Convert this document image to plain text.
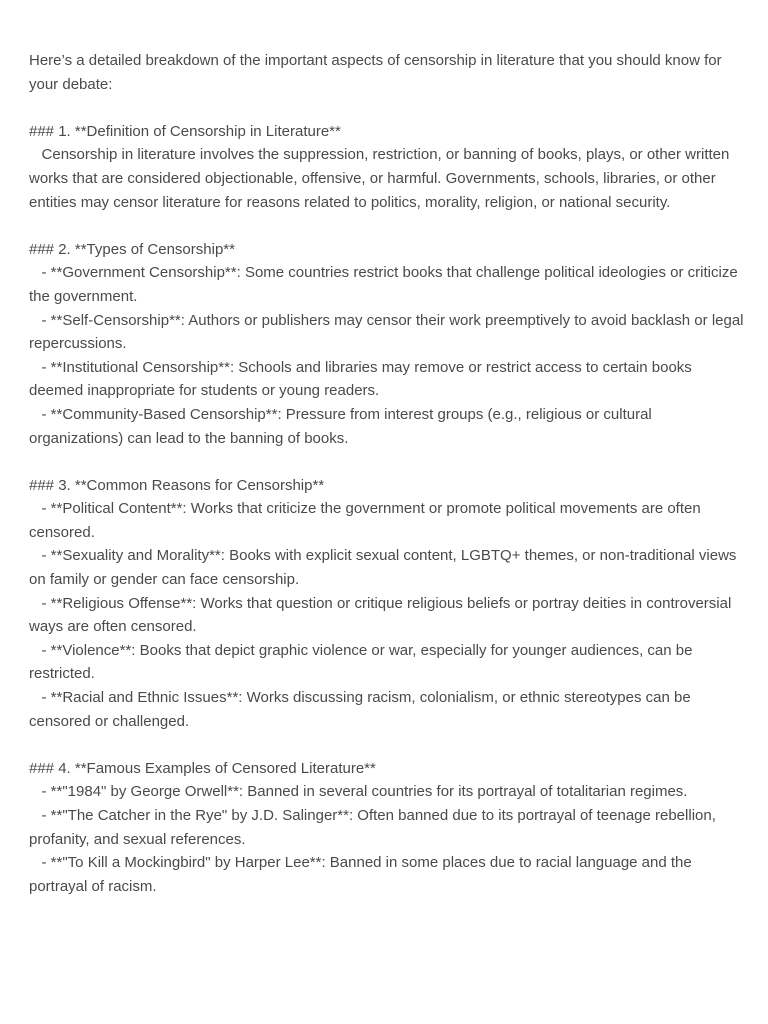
Here’s a detailed breakdown of the important aspects of censorship in literature that you should know for your debate:

### 1. **Definition of Censorship in Literature**

Censorship in literature involves the suppression, restriction, or banning of books, plays, or other written works that are considered objectionable, offensive, or harmful. Governments, schools, libraries, or other entities may censor literature for reasons related to politics, morality, religion, or national security.

### 2. **Types of Censorship**

- **Government Censorship**: Some countries restrict books that challenge political ideologies or criticize the government.

- **Self-Censorship**: Authors or publishers may censor their work preemptively to avoid backlash or legal repercussions.

- **Institutional Censorship**: Schools and libraries may remove or restrict access to certain books deemed inappropriate for students or young readers.

- **Community-Based Censorship**: Pressure from interest groups (e.g., religious or cultural organizations) can lead to the banning of books.

### 3. **Common Reasons for Censorship**

- **Political Content**: Works that criticize the government or promote political movements are often censored.

- **Sexuality and Morality**: Books with explicit sexual content, LGBTQ+ themes, or non-traditional views on family or gender can face censorship.

- **Religious Offense**: Works that question or critique religious beliefs or portray deities in controversial ways are often censored.

- **Violence**: Books that depict graphic violence or war, especially for younger audiences, can be restricted.

- **Racial and Ethnic Issues**: Works discussing racism, colonialism, or ethnic stereotypes can be censored or challenged.

### 4. **Famous Examples of Censored Literature**

- **"1984" by George Orwell**: Banned in several countries for its portrayal of totalitarian regimes.

- **"The Catcher in the Rye" by J.D. Salinger**: Often banned due to its portrayal of teenage rebellion, profanity, and sexual references.

- **"To Kill a Mockingbird" by Harper Lee**: Banned in some places due to racial language and the portrayal of racism.
